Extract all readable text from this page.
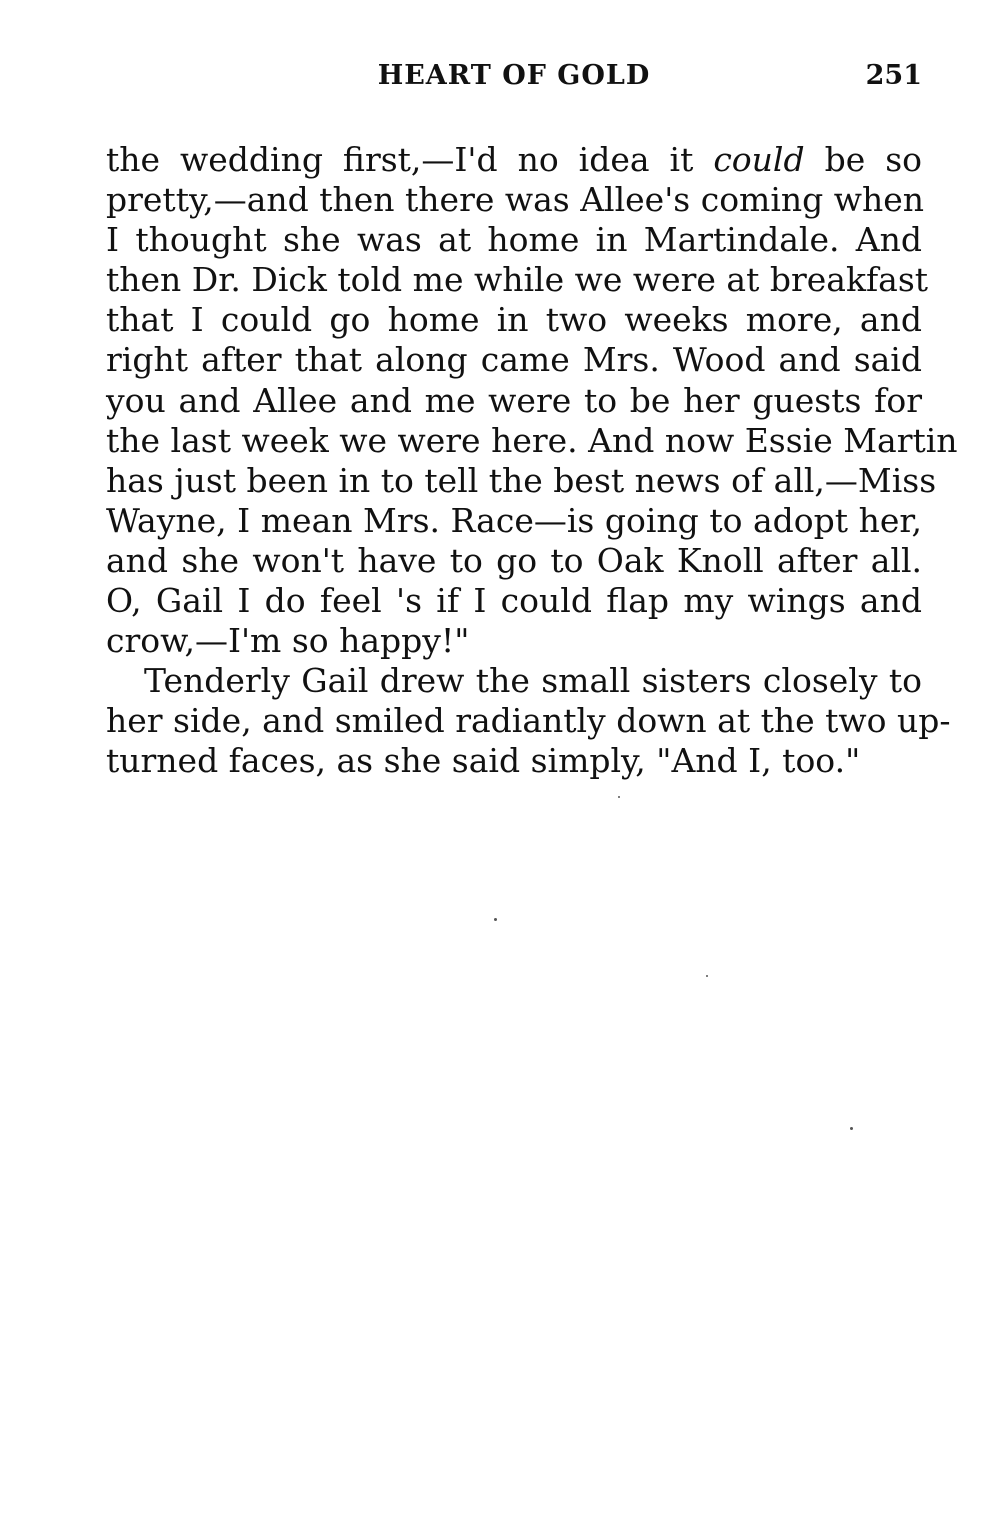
HEART OF GOLD	251
the wedding first,—I'd no idea it could be so
pretty,—and then there was Allee's coming when
I thought she was at home in Martindale. And
then Dr. Dick told me while we were at breakfast
that I could go home in two weeks more, and
right after that along came Mrs. Wood and said
you and Allee and me were to be her guests for
the last week we were here. And now Essie Martin
has just been in to tell the best news of all,—Miss
Wayne, I mean Mrs. Race—is going to adopt her,
and she won't have to go to Oak Knoll after all.
O, Gail I do feel 's if I could flap my wings and
crow,—I'm so happy!"
Tenderly Gail drew the small sisters closely to
her side, and smiled radiantly down at the two up-
turned faces, as she said simply, "And I, too."
